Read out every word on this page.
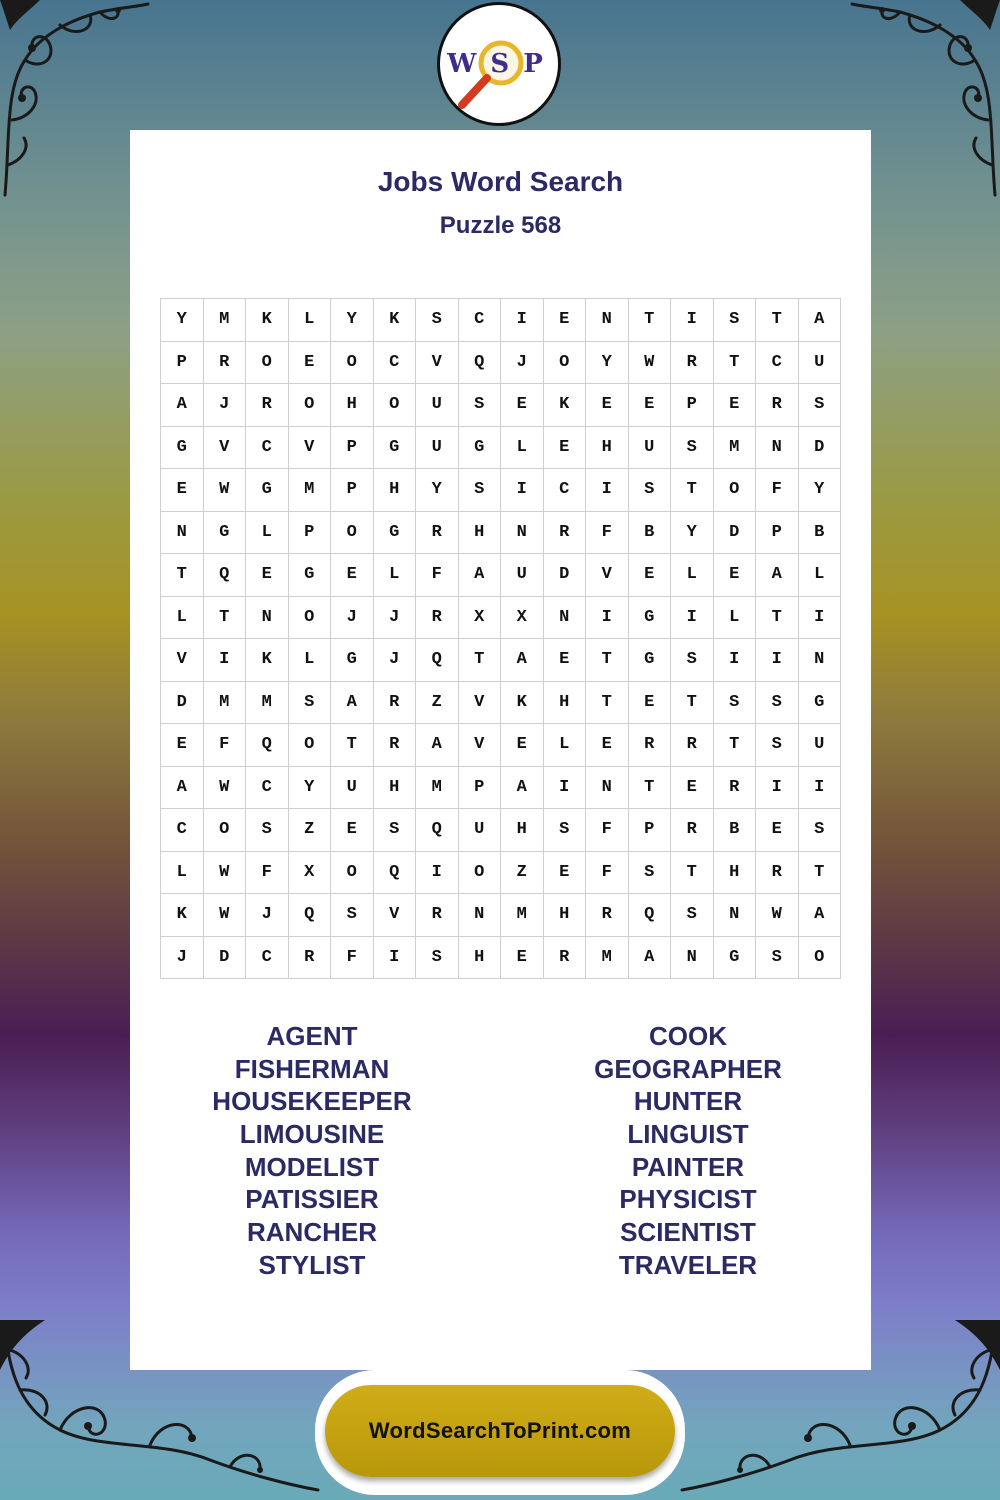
WSP
Jobs Word Search
Puzzle 568
Y	M	K	L	Y	K	S	C	I	E	N	T	I	S	T	A
P	R	O	E	O	C	V	Q	J	O	Y	W	R	T	C	U
A	J	R	O	H	O	U	S	E	K	E	E	P	E	R	S
G	V	C	V	P	G	U	G	L	E	H	U	S	M	N	D
E	W	G	M	P	H	Y	S	I	C	I	S	T	O	F	Y
N	G	L	P	O	G	R	H	N	R	F	B	Y	D	P	B
T	Q	E	G	E	L	F	A	U	D	V	E	L	E	A	L
L	T	N	O	J	J	R	X	X	N	I	G	I	L	T	I
V	I	K	L	G	J	Q	T	A	E	T	G	S	I	I	N
D	M	M	S	A	R	Z	V	K	H	T	E	T	S	S	G
E	F	Q	O	T	R	A	V	E	L	E	R	R	T	S	U
A	W	C	Y	U	H	M	P	A	I	N	T	E	R	I	I
C	O	S	Z	E	S	Q	U	H	S	F	P	R	B	E	S
L	W	F	X	O	Q	I	O	Z	E	F	S	T	H	R	T
K	W	J	Q	S	V	R	N	M	H	R	Q	S	N	W	A
J	D	C	R	F	I	S	H	E	R	M	A	N	G	S	O
AGENT
FISHERMAN
HOUSEKEEPER
LIMOUSINE
MODELIST
PATISSIER
RANCHER
STYLIST
COOK
GEOGRAPHER
HUNTER
LINGUIST
PAINTER
PHYSICIST
SCIENTIST
TRAVELER
WordSearchToPrint.com
